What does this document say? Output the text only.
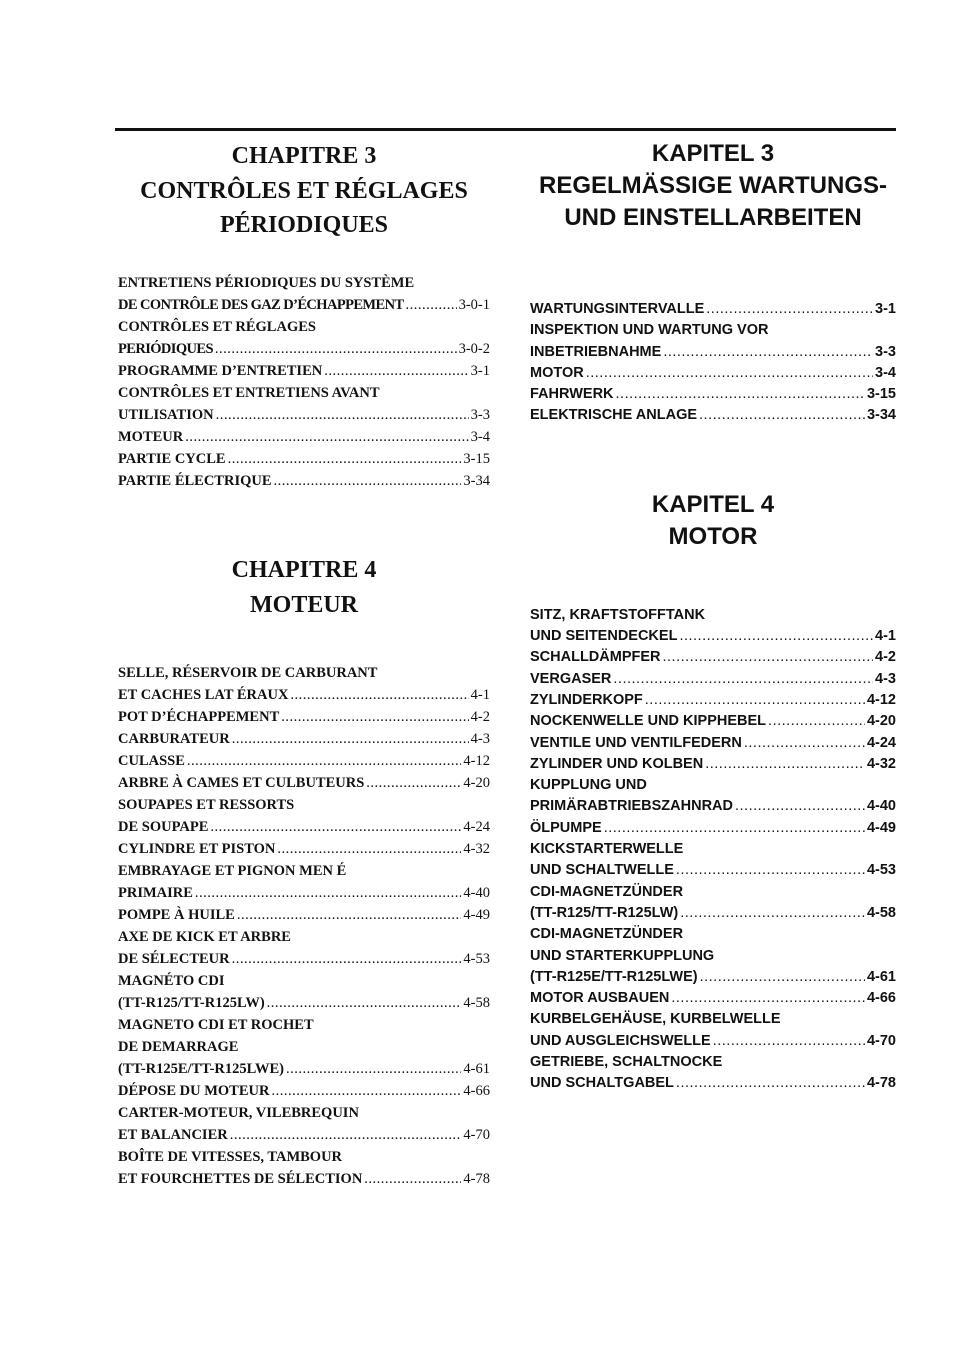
CHAPITRE 3
CONTRÔLES ET RÉGLAGES PÉRIODIQUES
ENTRETIENS PÉRIODIQUES DU SYSTÈME
DE CONTRÔLE DES GAZ D’ÉCHAPPEMENT .....	3-0-1
CONTRÔLES ET RÉGLAGES
PERIÓDIQUES .....	3-0-2
PROGRAMME D’ENTRETIEN .....	3-1
CONTRÔLES ET ENTRETIENS AVANT
UTILISATION .....	3-3
MOTEUR .....	3-4
PARTIE CYCLE .....	3-15
PARTIE ÉLECTRIQUE .....	3-34
CHAPITRE 4
MOTEUR
SELLE, RÉSERVOIR DE CARBURANT
ET CACHES LAT ÉRAUX .....	4-1
POT D’ÉCHAPPEMENT .....	4-2
CARBURATEUR .....	4-3
CULASSE .....	4-12
ARBRE À CAMES ET CULBUTEURS .....	4-20
SOUPAPES ET RESSORTS
DE SOUPAPE .....	4-24
CYLINDRE ET PISTON .....	4-32
EMBRAYAGE ET PIGNON MEN É
PRIMAIRE .....	4-40
POMPE À HUILE .....	4-49
AXE DE KICK ET ARBRE
DE SÉLECTEUR .....	4-53
MAGNÉTO CDI
(TT-R125/TT-R125LW) .....	4-58
MAGNETO CDI ET ROCHET
DE DEMARRAGE
(TT-R125E/TT-R125LWE) .....	4-61
DÉPOSE DU MOTEUR .....	4-66
CARTER-MOTEUR, VILEBREQUIN
ET BALANCIER .....	4-70
BOÎTE DE VITESSES, TAMBOUR
ET FOURCHETTES DE SÉLECTION .....	4-78
KAPITEL 3
REGELMÄSSIGE WARTUNGS- UND EINSTELLARBEITEN
WARTUNGSINTERVALLE .....	3-1
INSPEKTION UND WARTUNG VOR
INBETRIEBNAHME .....	3-3
MOTOR .....	3-4
FAHRWERK .....	3-15
ELEKTRISCHE ANLAGE .....	3-34
KAPITEL 4
MOTOR
SITZ, KRAFTSTOFFTANK
UND SEITENDECKEL .....	4-1
SCHALLDÄMPFER .....	4-2
VERGASER .....	4-3
ZYLINDERKOPF .....	4-12
NOCKENWELLE UND KIPPHEBEL .....	4-20
VENTILE UND VENTILFEDERN .....	4-24
ZYLINDER UND KOLBEN .....	4-32
KUPPLUNG UND
PRIMÄRABTRIEBSZAHNRAD .....	4-40
ÖLPUMPE .....	4-49
KICKSTARTERWELLE
UND SCHALTWELLE .....	4-53
CDI-MAGNETZÜNDER
(TT-R125/TT-R125LW) .....	4-58
CDI-MAGNETZÜNDER
UND STARTERKUPPLUNG
(TT-R125E/TT-R125LWE) .....	4-61
MOTOR AUSBAUEN .....	4-66
KURBELGEHÄUSE, KURBELWELLE
UND AUSGLEICHSWELLE .....	4-70
GETRIEBE, SCHALTNOCKE
UND SCHALTGABEL .....	4-78
